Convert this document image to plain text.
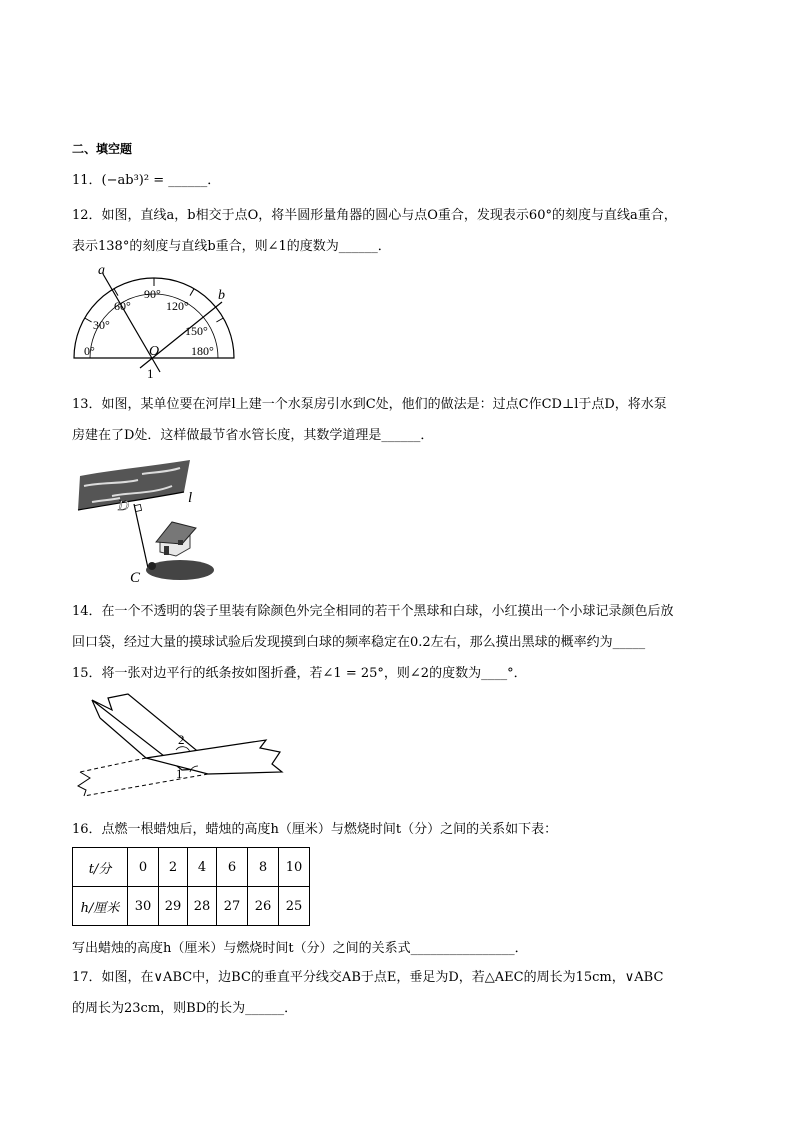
二、填空题
11．(−ab³)² = ______．
12．如图，直线a，b相交于点O，将半圆形量角器的圆心与点O重合，发现表示60°的刻度与直线a重合，
表示138°的刻度与直线b重合，则∠1的度数为______．
a
b
O
1
0°
30°
60°
90°
120°
150°
180°
13．如图，某单位要在河岸l上建一个水泵房引水到C处，他们的做法是：过点C作CD⊥l于点D，将水泵
房建在了D处．这样做最节省水管长度，其数学道理是______．
D	l
C
14．在一个不透明的袋子里装有除颜色外完全相同的若干个黑球和白球，小红摸出一个小球记录颜色后放
回口袋，经过大量的摸球试验后发现摸到白球的频率稳定在0.2左右，那么摸出黑球的概率约为_____
15．将一张对边平行的纸条按如图折叠，若∠1 = 25°，则∠2的度数为____°．
2
1
16．点燃一根蜡烛后，蜡烛的高度h（厘米）与燃烧时间t（分）之间的关系如下表：
t/分	0	2	4	6	8	10
h/厘米	30	29	28	27	26	25
写出蜡烛的高度h（厘米）与燃烧时间t（分）之间的关系式________________．
17．如图，在∨ABC中，边BC的垂直平分线交AB于点E，垂足为D，若△AEC的周长为15cm，∨ABC
的周长为23cm，则BD的长为______．
